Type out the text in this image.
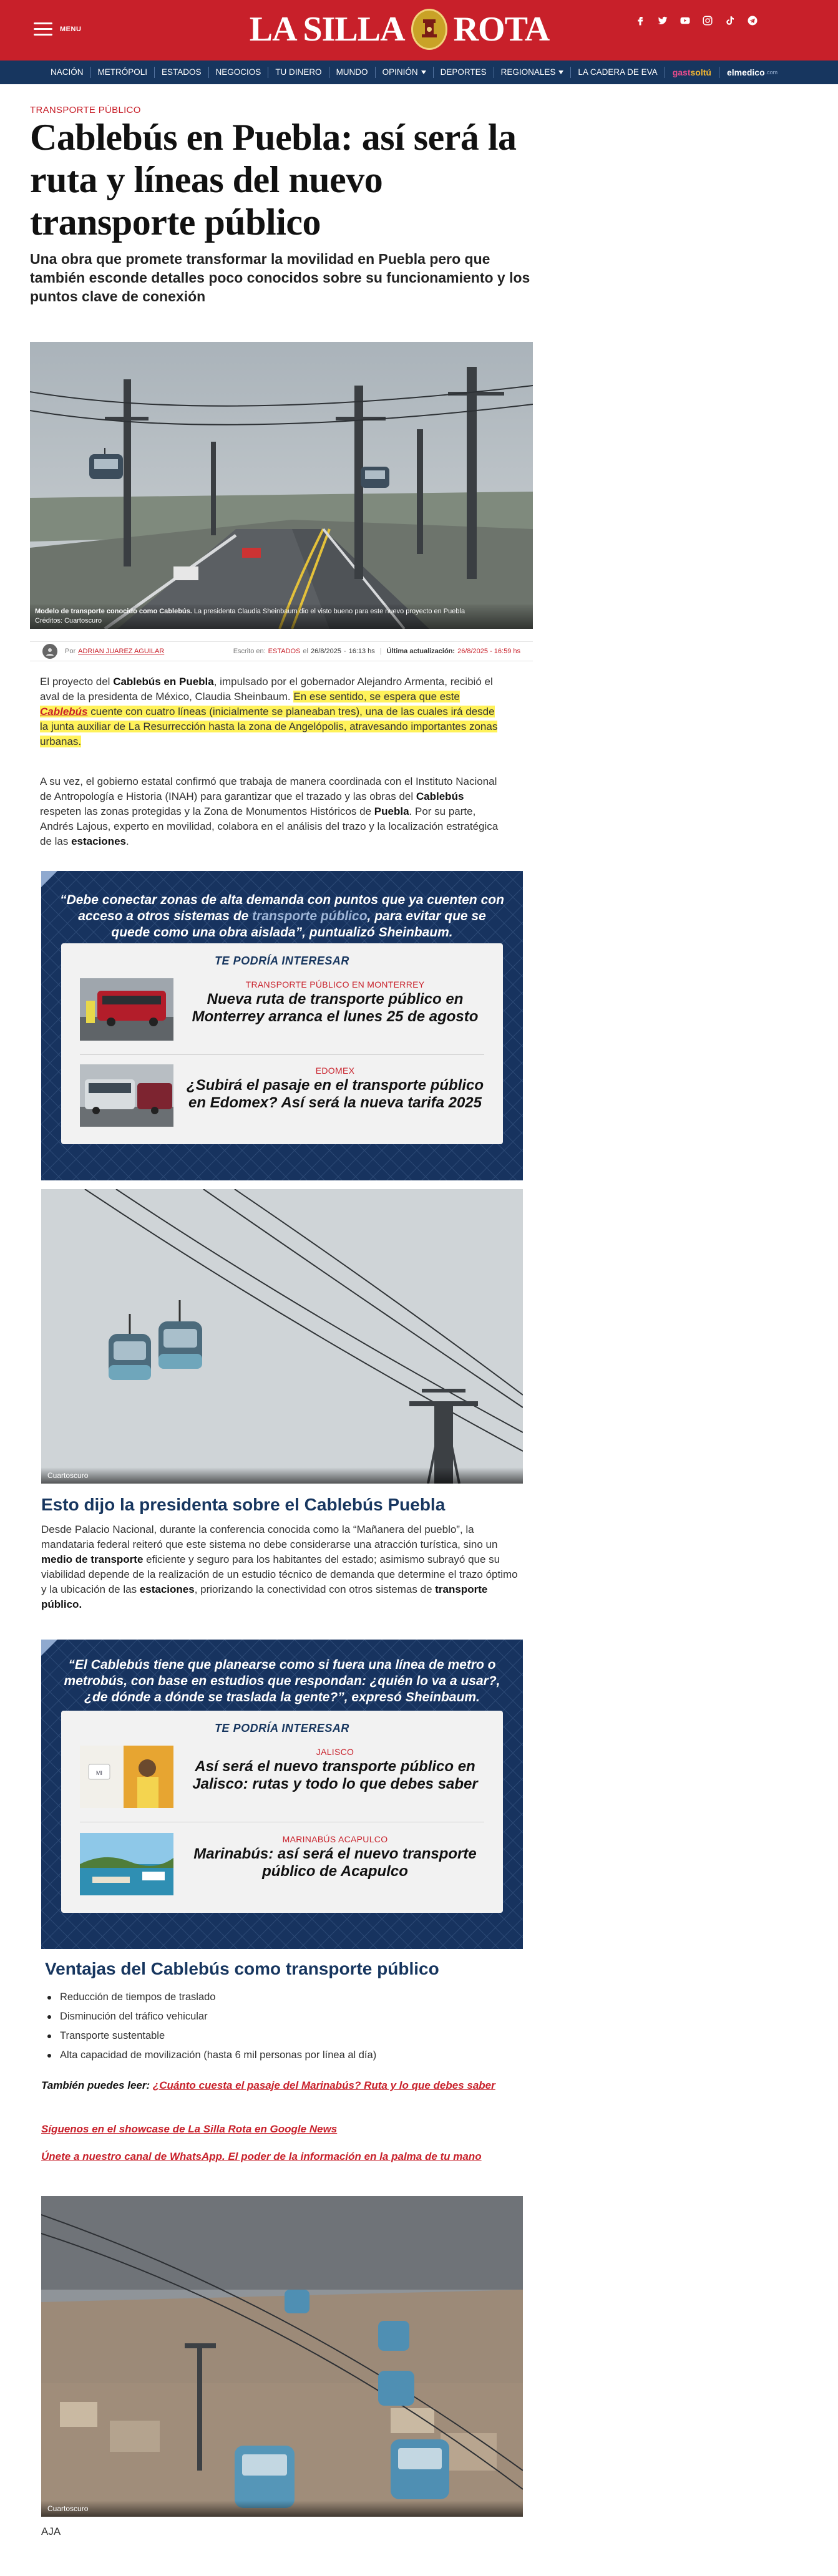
MENU	LA SILLA ROTA
NACIÓN	METRÓPOLI	ESTADOS	NEGOCIOS	TU DINERO	MUNDO	OPINIÓN	DEPORTES	REGIONALES	LA CADERA DE EVA	gast soltú elmedico .com
TRANSPORTE PÚBLICO
Cablebús en Puebla: así será la ruta y líneas del nuevo transporte público

Una obra que promete transformar la movilidad en Puebla pero que también esconde detalles poco conocidos sobre su funcionamiento y los puntos clave de conexión

Modelo de transporte conocido como Cablebús. La presidenta Claudia Sheinbaum dio el visto bueno para este nuevo proyecto en Puebla
Créditos: Cuartoscuro
Por ADRIAN JUAREZ AGUILAR	Escrito en: ESTADOS el 26/8/2025 - 16:13 hs | Última actualización: 26/8/2025 - 16:59 hs

El proyecto del Cablebús en Puebla, impulsado por el gobernador Alejandro Armenta, recibió el aval de la presidenta de México, Claudia Sheinbaum. En ese sentido, se espera que este Cablebús cuente con cuatro líneas (inicialmente se planeaban tres), una de las cuales irá desde la junta auxiliar de La Resurrección hasta la zona de Angelópolis, atravesando importantes zonas urbanas.

A su vez, el gobierno estatal confirmó que trabaja de manera coordinada con el Instituto Nacional de Antropología e Historia (INAH) para garantizar que el trazado y las obras del Cablebús respeten las zonas protegidas y la Zona de Monumentos Históricos de Puebla. Por su parte, Andrés Lajous, experto en movilidad, colabora en el análisis del trazo y la localización estratégica de las estaciones.

“Debe conectar zonas de alta demanda con puntos que ya cuenten con acceso a otros sistemas de transporte público, para evitar que se quede como una obra aislada”, puntualizó Sheinbaum.

TE PODRÍA INTERESAR
TRANSPORTE PÚBLICO EN MONTERREY
Nueva ruta de transporte público en Monterrey arranca el lunes 25 de agosto
EDOMEX
¿Subirá el pasaje en el transporte público en Edomex? Así será la nueva tarifa 2025
Cuartoscuro
Esto dijo la presidenta sobre el Cablebús Puebla

Desde Palacio Nacional, durante la conferencia conocida como la “Mañanera del pueblo”, la mandataria federal reiteró que este sistema no debe considerarse una atracción turística, sino un medio de transporte eficiente y seguro para los habitantes del estado; asimismo subrayó que su viabilidad depende de la realización de un estudio técnico de demanda que determine el trazo óptimo y la ubicación de las estaciones, priorizando la conectividad con otros sistemas de transporte público.

“El Cablebús tiene que planearse como si fuera una línea de metro o metrobús, con base en estudios que respondan: ¿quién lo va a usar?, ¿de dónde a dónde se traslada la gente?”, expresó Sheinbaum.

TE PODRÍA INTERESAR
MI
JALISCO
Así será el nuevo transporte público en Jalisco: rutas y todo lo que debes saber
MARINABÚS ACAPULCO
Marinabús: así será el nuevo transporte público de Acapulco
Ventajas del Cablebús como transporte público
Reducción de tiempos de traslado
Disminución del tráfico vehicular
Transporte sustentable
Alta capacidad de movilización (hasta 6 mil personas por línea al día)

También puedes leer: ¿Cuánto cuesta el pasaje del Marinabús? Ruta y lo que debes saber

Síguenos en el showcase de La Silla Rota en Google News

Únete a nuestro canal de WhatsApp. El poder de la información en la palma de tu mano

Cuartoscuro

AJA
